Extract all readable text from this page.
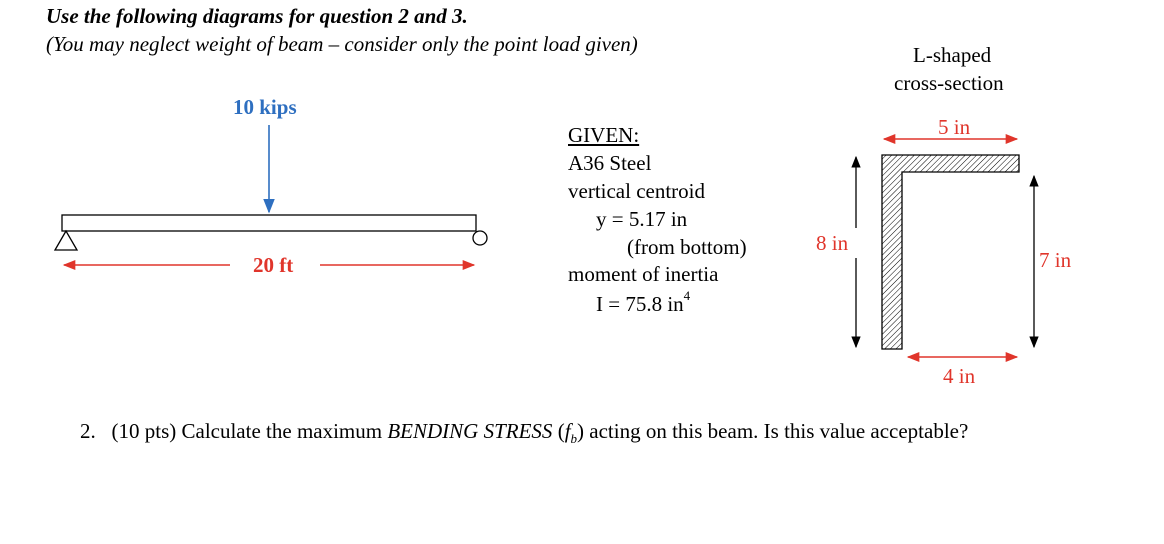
Use the following diagrams for question 2 and 3.
(You may neglect weight of beam – consider only the point load given)
10 kips
20 ft
GIVEN:
A36 Steel
vertical centroid
y = 5.17 in
(from bottom)
moment of inertia
I = 75.8 $in^4$
L-shaped
cross-section
5 in
4 in
8 in
7 in
2. (10 pts) Calculate the maximum BENDING STRESS $(f_b)$ acting on this beam. Is this value acceptable?
